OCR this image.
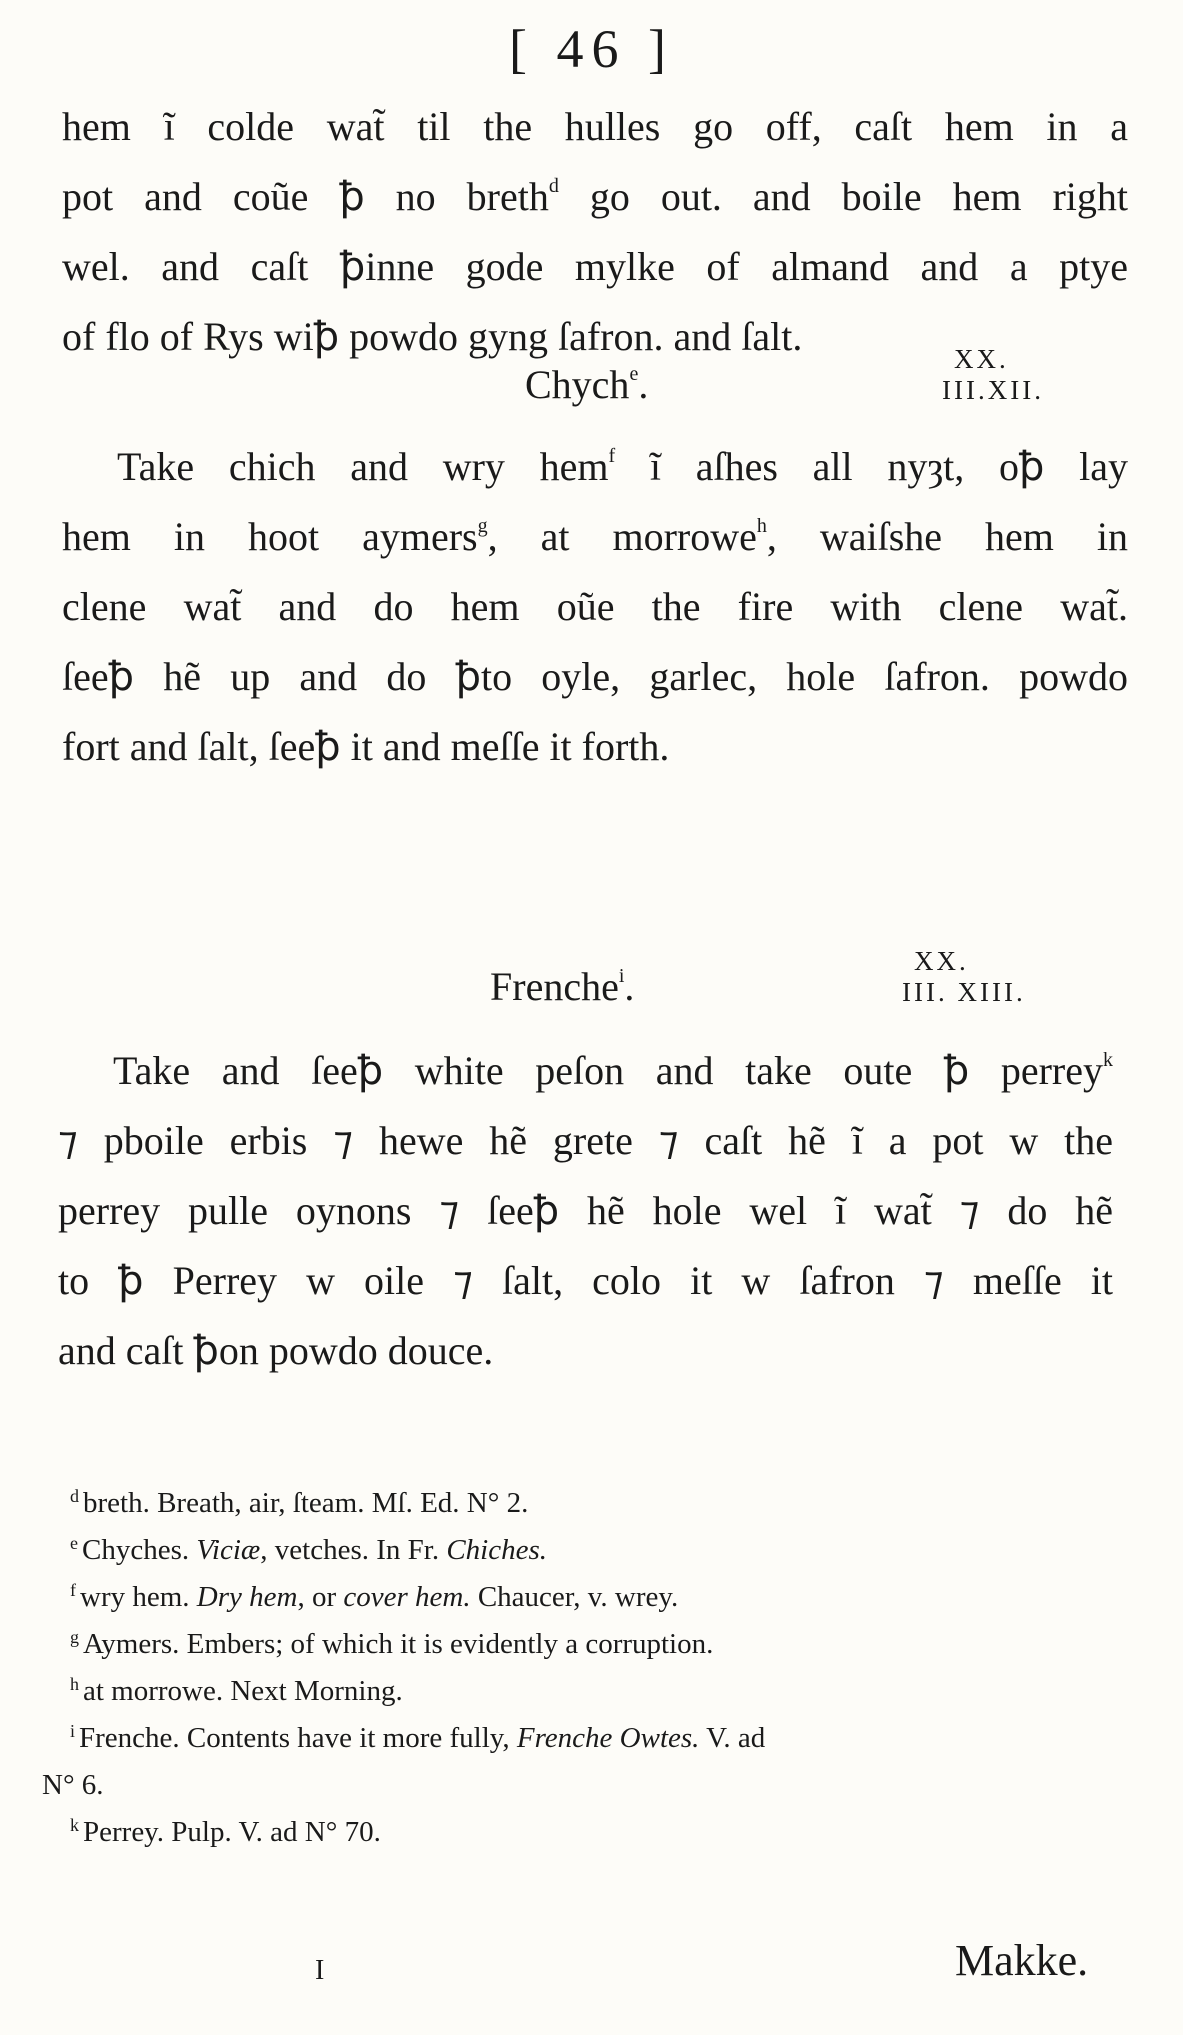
[ 46 ]
hem ĩ colde wat̃ til the hulles go off, caſt hem in a
pot and coũe ꝥ no breth$^d$ go out. and boile hem right
wel. and caſt ꝥinne gode mylke of almand and a ptye
of flo of Rys wiꝥ powdo gyng ſafron. and ſalt.
Chych$^e$.
XX.
III.XII.
Take chich and wry hem$^f$ ĩ aſhes all nyȝt, oꝥ lay
hem in hoot aymers$^g$, at morrowe$^h$, waiſshe hem in
clene wat̃ and do hem oũe the fire with clene wat̃.
ſeeꝥ hẽ up and do ꝥto oyle, garlec, hole ſafron. powdo
fort and ſalt, ſeeꝥ it and meſſe it forth.
Frenche$^i$.
XX.
III. XIII.
Take and ſeeꝥ white peſon and take oute ꝥ perrey$^k$
⁊ pboile erbis ⁊ hewe hẽ grete ⁊ caſt hẽ ĩ a pot w the
perrey pulle oynons ⁊ ſeeꝥ hẽ hole wel ĩ wat̃ ⁊ do hẽ
to ꝥ Perrey w oile ⁊ ſalt, colo it w ſafron ⁊ meſſe it
and caſt ꝥon powdo douce.
$^d$ breth. Breath, air, ſteam. Mſ. Ed. N° 2.
$^e$ Chyches. Viciæ, vetches. In Fr. Chiches.
$^f$ wry hem. Dry hem, or cover hem. Chaucer, v. wrey.
$^g$ Aymers. Embers; of which it is evidently a corruption.
$^h$ at morrowe. Next Morning.
$^i$ Frenche. Contents have it more fully, Frenche Owtes. V. ad
N° 6.
$^k$ Perrey. Pulp. V. ad N° 70.
I	Makke.
